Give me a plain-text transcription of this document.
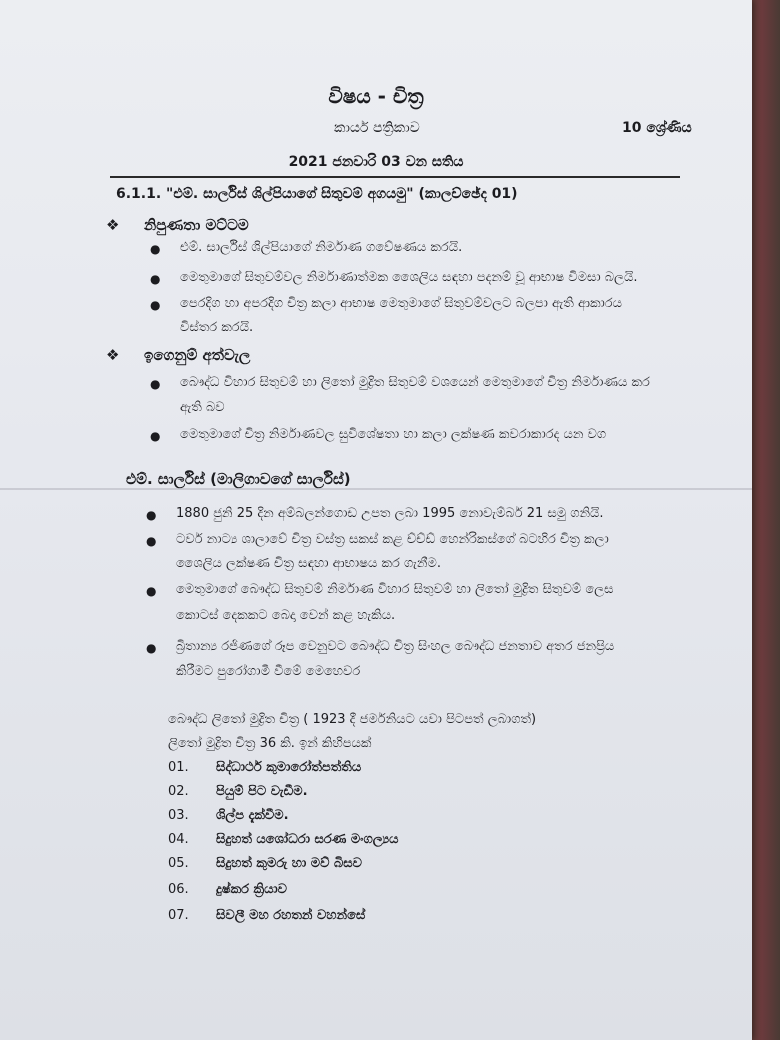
විෂය - චිත්‍ර
කාර්ය පත්‍රිකාව	10 ශ්‍රේණිය
2021 ජනවාරි 03 වන සතිය
6.1.1. "එම්. සාර්ලිස් ශිල්පියාගේ සිතුවම් අගයමු" (කාලච්ඡේද 01)
❖ නිපුණතා මට්ටම
● එම්. සාර්ලිස් ශිල්පියාගේ නිර්මාණ ගවේෂණය කරයි.
● මෙතුමාගේ සිතුවම්වල නිර්මාණාත්මක ශෛලිය සඳහා පදනම් වූ ආභාෂ විමසා බලයි.
● පෙරදිග හා අපරදිග චිත්‍ර කලා ආභාෂ මෙතුමාගේ සිතුවම්වලට බලපා ඇති ආකාරය
විස්තර කරයි.
❖ ඉගෙනුම් අත්වැල
● බෞද්ධ විහාර සිතුවම් හා ලිතෝ මුද්‍රිත සිතුවම් වශයෙන් මෙතුමාගේ චිත්‍ර නිර්මාණය කර
ඇති බව
● මෙතුමාගේ චිත්‍ර නිර්මාණවල සුවිශේෂතා හා කලා ලක්ෂණ කවරාකාරද යන වග
එම්. සාර්ලිස් (මාලිගාවගේ සාර්ලිස්)
● 1880 ජුනි 25 දින අම්බලන්ගොඩ උපත ලබා 1995 නොවැම්බර් 21 සමු ගනියි.
● ටවර් නාට්‍ය ශාලාවේ චිත්‍ර වස්ත්‍ර සකස් කළ ච්ච්ඩ් හෙන්රිකස්ගේ බටහිර චිත්‍ර කලා
ශෛලිය ලක්ෂණ චිත්‍ර සඳහා ආභාෂය කර ගැනීම.
● මෙතුමාගේ බෞද්ධ සිතුවම් නිර්මාණ විහාර සිතුවම් හා ලිතෝ මුද්‍රිත සිතුවම් ලෙස
කොටස් දෙකකට බෙදා වෙන් කළ හැකිය.
● බ්‍රිතාන්‍ය රජිණගේ රූප වෙනුවට බෞද්ධ චිත්‍ර සිංහල බෞද්ධ ජනතාව අතර ජනප්‍රිය
කිරීමට පුරෝගාමී වීමේ මෙහෙවර
බෞද්ධ ලිතෝ මුද්‍රිත චිත්‍ර ( 1923 දී ජර්මනියට යවා පිටපත් ලබාගත්)
ලිතෝ මුද්‍රිත චිත්‍ර 36 කි. ඉන් කිහිපයක්
01. සිද්ධාර්ථ කුමාරෝත්පත්තිය
02. පියුම් පිට වැඩීම.
03. ශිල්ප දැක්වීම.
04. සිදුහත් යශෝධරා සරණ මංගල්‍යය
05. සිදුහත් කුමරු හා මව් බිසව
06. දුෂ්කර ක්‍රියාව
07. සිවලී මහ රහතන් වහන්සේ
